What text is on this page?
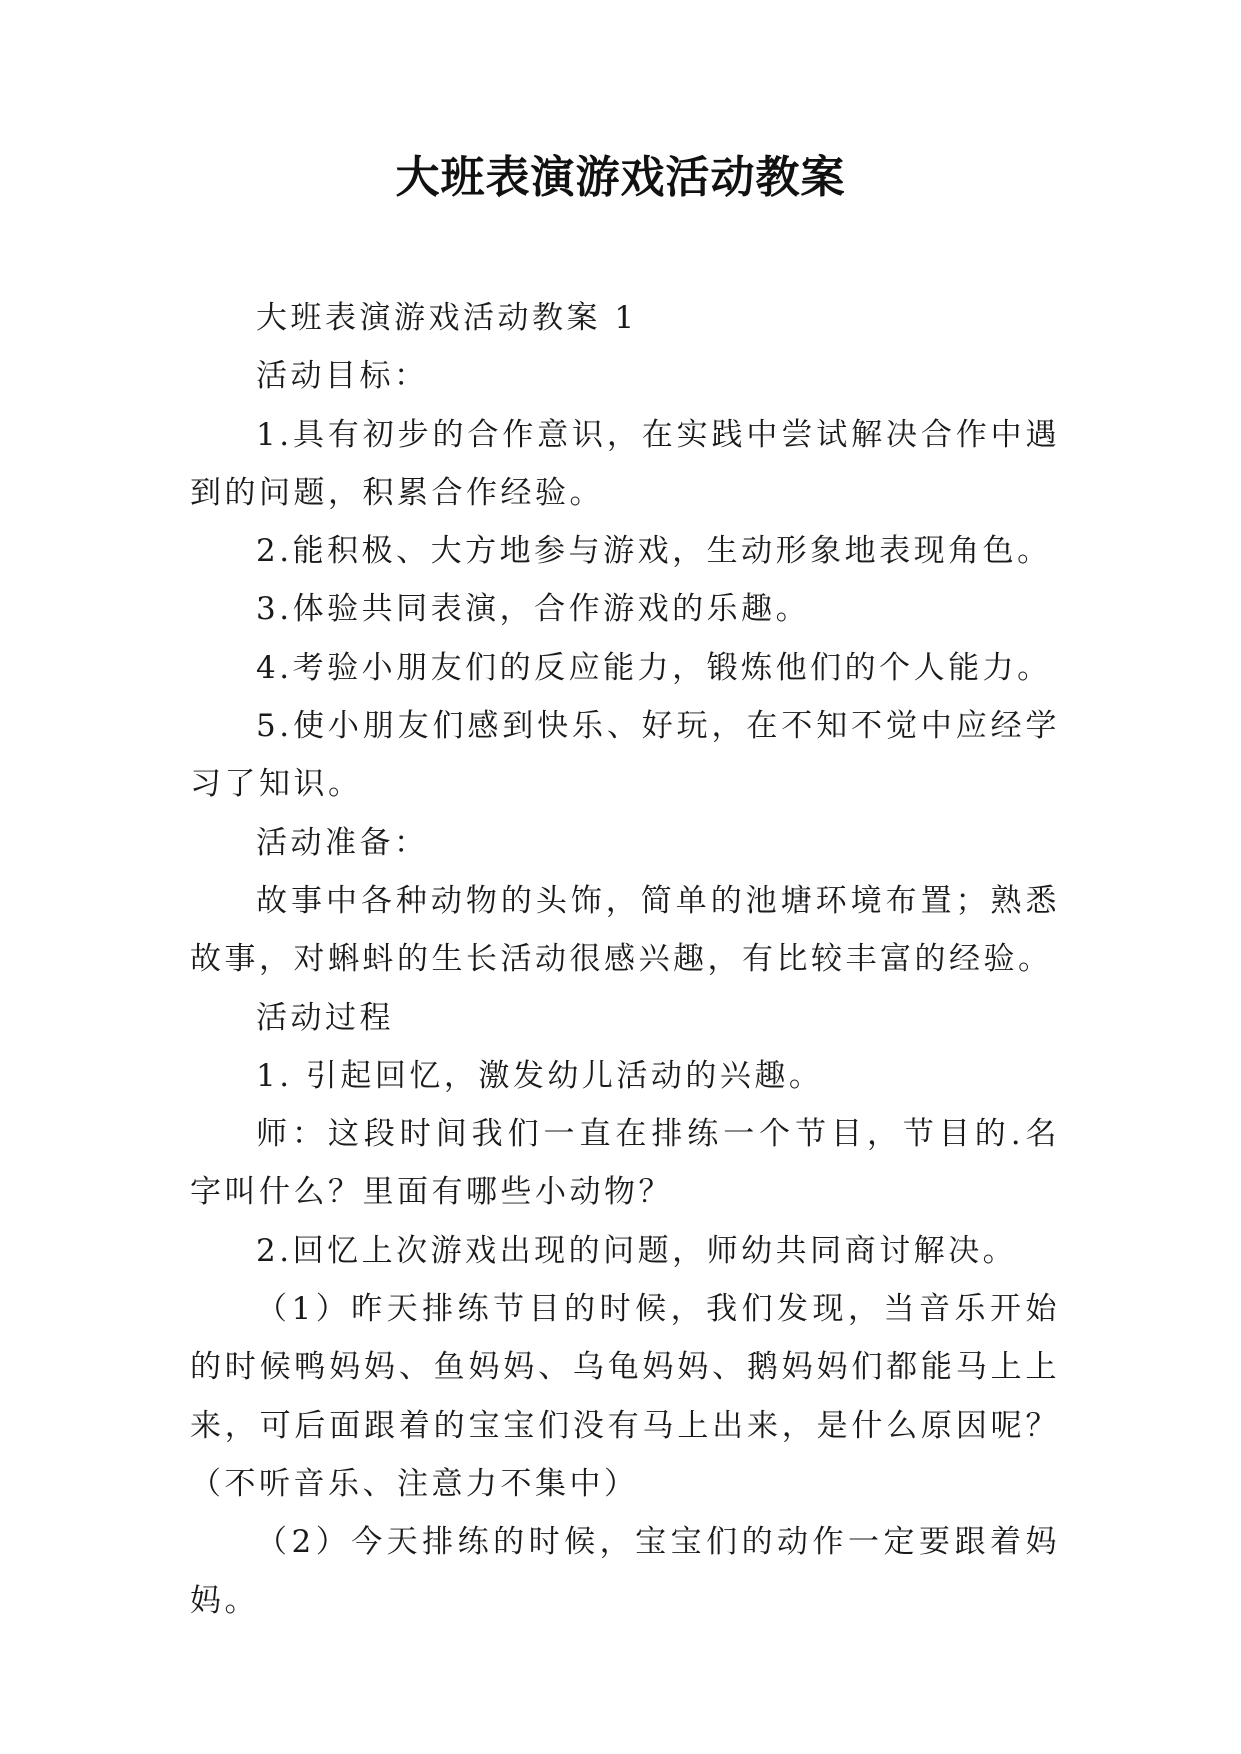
大班表演游戏活动教案

大班表演游戏活动教案 1

活动目标：

1.具有初步的合作意识，在实践中尝试解决合作中遇到的问题，积累合作经验。

2.能积极、大方地参与游戏，生动形象地表现角色。

3.体验共同表演，合作游戏的乐趣。

4.考验小朋友们的反应能力，锻炼他们的个人能力。

5.使小朋友们感到快乐、好玩，在不知不觉中应经学习了知识。

活动准备：

故事中各种动物的头饰，简单的池塘环境布置；熟悉故事，对蝌蚪的生长活动很感兴趣，有比较丰富的经验。

活动过程

1. 引起回忆，激发幼儿活动的兴趣。

师：这段时间我们一直在排练一个节目，节目的.名字叫什么？里面有哪些小动物？

2.回忆上次游戏出现的问题，师幼共同商讨解决。

（1）昨天排练节目的时候，我们发现，当音乐开始的时候鸭妈妈、鱼妈妈、乌龟妈妈、鹅妈妈们都能马上上来，可后面跟着的宝宝们没有马上出来，是什么原因呢？（不听音乐、注意力不集中）

（2）今天排练的时候，宝宝们的动作一定要跟着妈妈。
